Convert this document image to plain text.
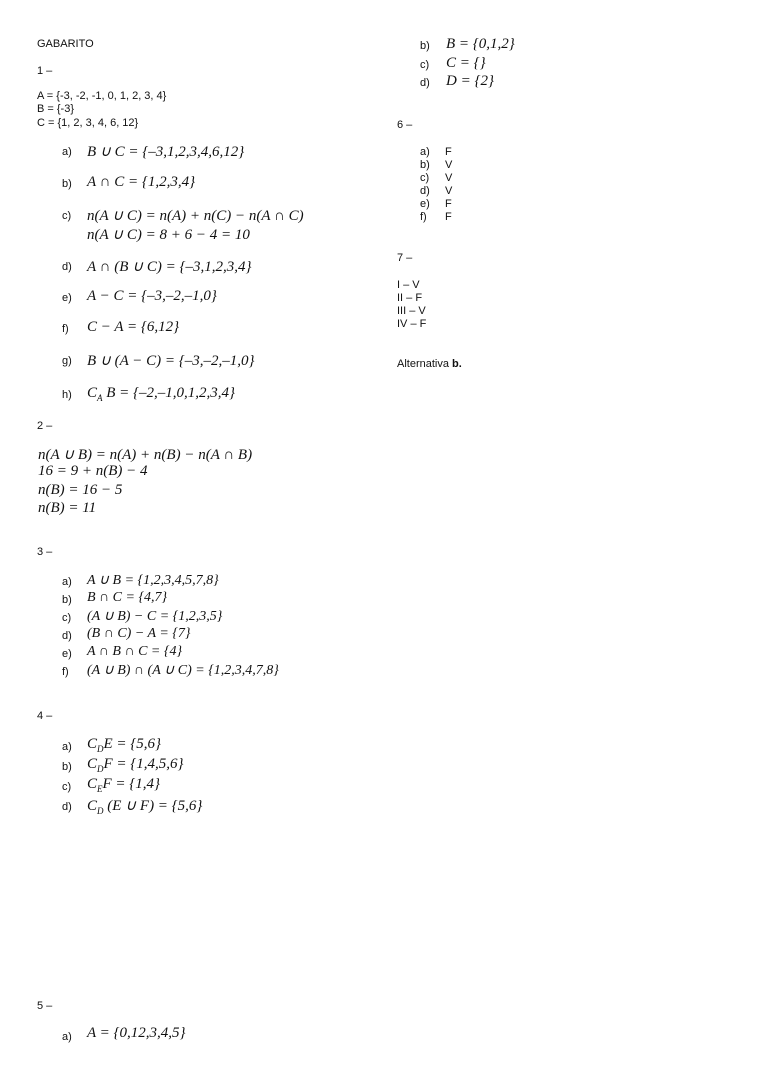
GABARITO
1 –
A = {-3, -2, -1, 0, 1, 2, 3, 4}
B = {-3}
C = {1, 2, 3, 4, 6, 12}
a) B ∪ C = {–3,1,2,3,4,6,12}
b) A ∩ C = {1,2,3,4}
c) n(A ∪ C) = n(A) + n(C) − n(A ∩ C)
n(A ∪ C) = 8 + 6 − 4 = 10
d) A ∩ (B ∪ C) = {–3,1,2,3,4}
e) A − C = {–3,–2,–1,0}
f) C − A = {6,12}
g) B ∪ (A − C) = {–3,–2,–1,0}
h) $C_A$ B = {–2,–1,0,1,2,3,4}
2 –
n(A ∪ B) = n(A) + n(B) − n(A ∩ B)
16 = 9 + n(B) − 4
n(B) = 16 − 5
n(B) = 11
3 –
a) A ∪ B = {1,2,3,4,5,7,8}
b) B ∩ C = {4,7}
c) (A ∪ B) − C = {1,2,3,5}
d) (B ∩ C) − A = {7}
e) A ∩ B ∩ C = {4}
f) (A ∪ B) ∩ (A ∪ C) = {1,2,3,4,7,8}
4 –
a) $C_DE = \{5,6\}$
b) $C_DF = \{1,4,5,6\}$
c) $C_EF = \{1,4\}$
d) $C_D$ (E ∪ F) = {5,6}
5 –
a) A = {0,12,3,4,5}
b) B = {0,1,2}
c) C = {}
d) D = {2}
6 –
a) F
b) V
c) V
d) V
e) F
f) F
7 –
I – V
II – F
III – V
IV – F
Alternativa b.
